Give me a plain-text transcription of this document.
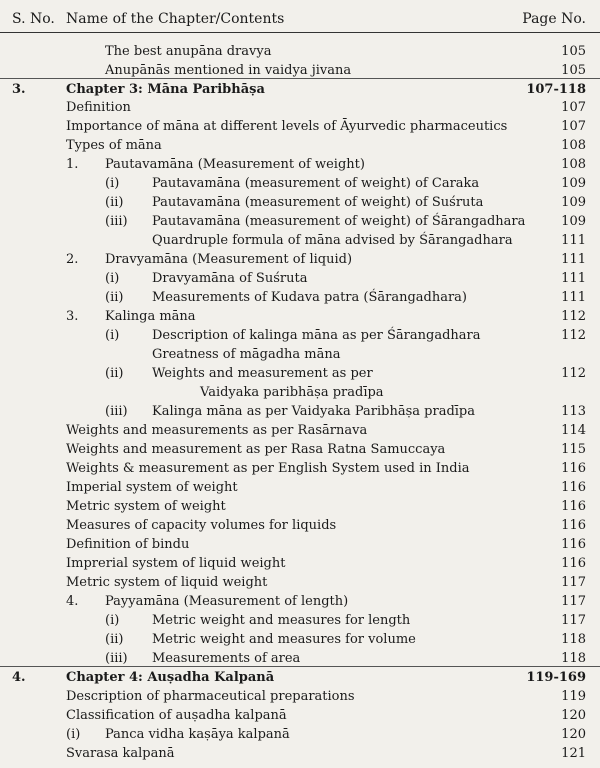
S. No. Name of the Chapter/Contents	Page No.
The best anupāna dravya	105
Anupānās mentioned in vaidya jivana	105
3.	Chapter 3: Māna Paribhāṣa	107-118
Definition	107
Importance of māna at different levels of Āyurvedic pharmaceutics	107
Types of māna	108
1. Pautavamāna (Measurement of weight)	108
(i)	Pautavamāna (measurement of weight) of Caraka	109
(ii) Pautavamāna (measurement of weight) of Suśruta	109
(iii) Pautavamāna (measurement of weight) of Śārangadhara	109
Quardruple formula of māna advised by Śārangadhara	111
2. Dravyamāna (Measurement of liquid)	111
(i)	Dravyamāna of Suśruta	111
(ii) Measurements of Kudava patra (Śārangadhara)	111
3. Kalinga māna	112
(i)	Description of kalinga māna as per Śārangadhara	112
Greatness of māgadha māna
(ii) Weights and measurement as per	112
Vaidyaka paribhāṣa pradīpa
(iii) Kalinga māna as per Vaidyaka Paribhāṣa pradīpa	113
Weights and measurements as per Rasārnava	114
Weights and measurement as per Rasa Ratna Samuccaya	115
Weights & measurement as per English System used in India	116
Imperial system of weight	116
Metric system of weight	116
Measures of capacity volumes for liquids	116
Definition of bindu	116
Imprerial system of liquid weight	116
Metric system of liquid weight	117
4. Payyamāna (Measurement of length)	117
(i)	Metric weight and measures for length	117
(ii) Metric weight and measures for volume	118
(iii) Measurements of area	118
4.	Chapter 4: Auṣadha Kalpanā	119-169
Description of pharmaceutical preparations	119
Classification of auṣadha kalpanā	120
(i) Panca vidha kaṣāya kalpanā	120
Svarasa kalpanā	121
